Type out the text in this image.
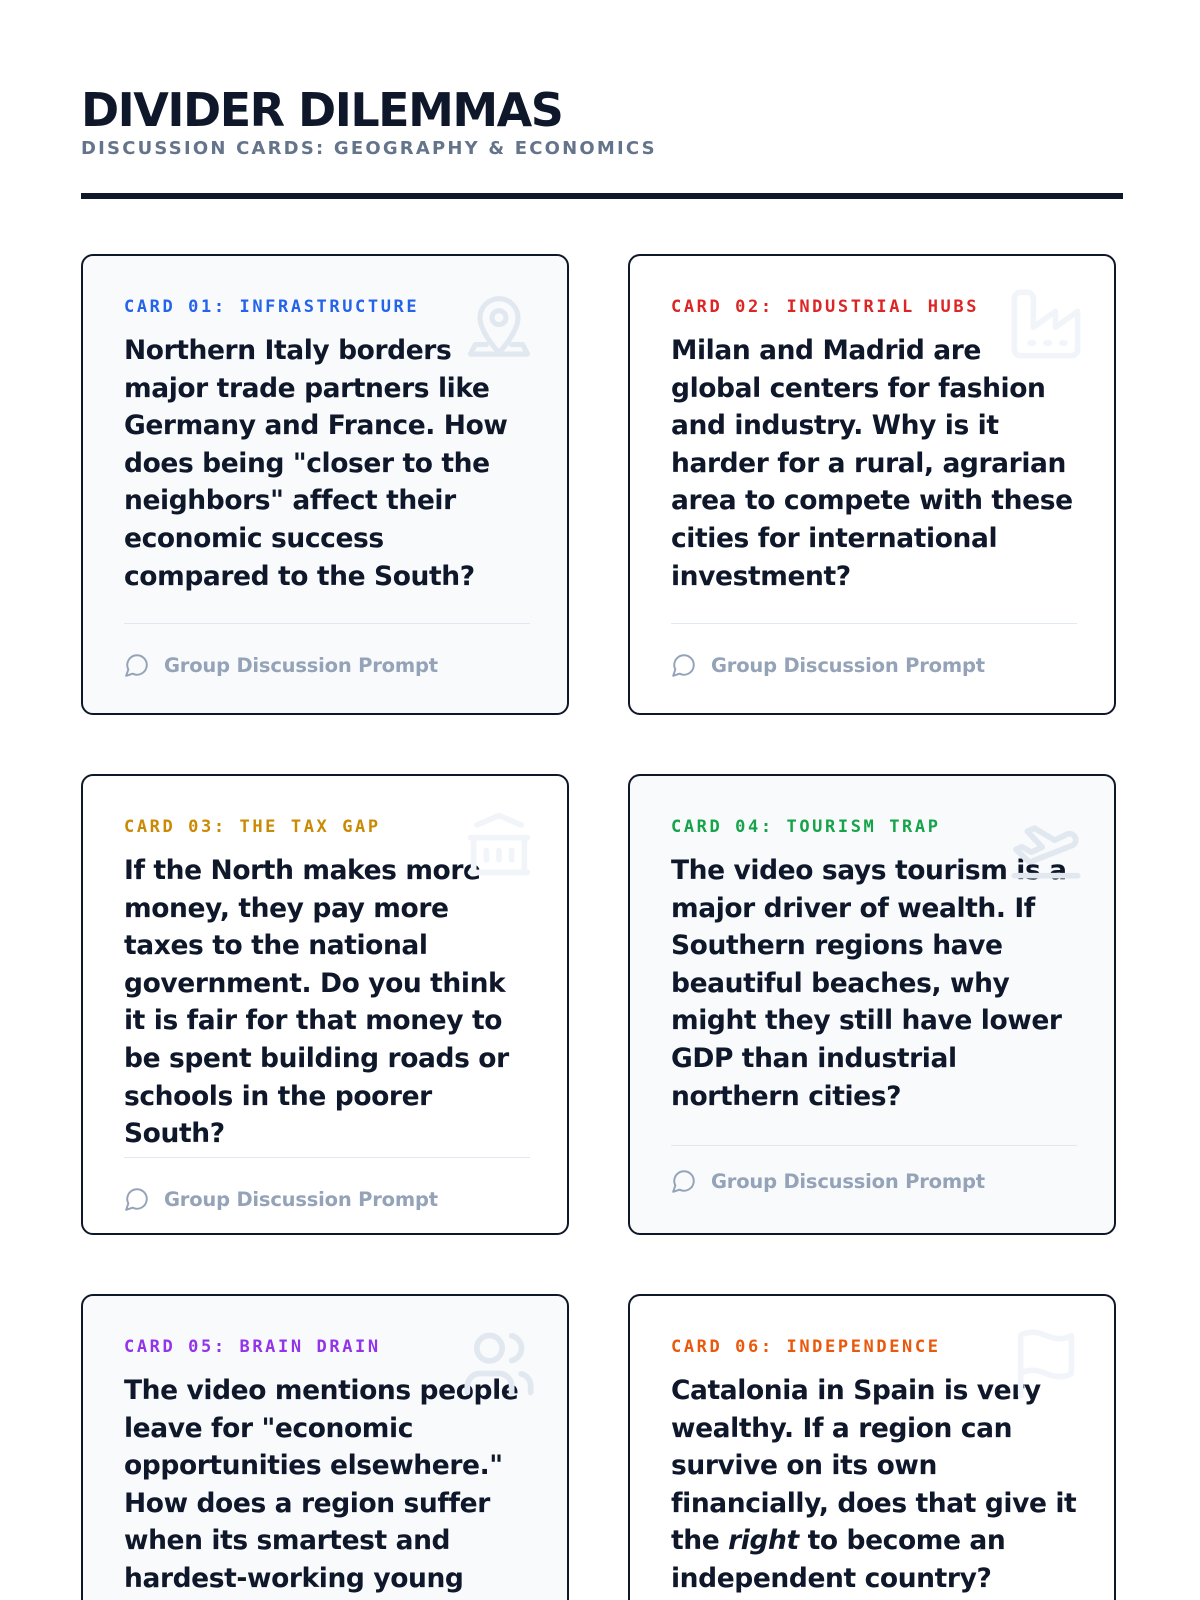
DIVIDER DILEMMAS
DISCUSSION CARDS: GEOGRAPHY & ECONOMICS
CARD 01: INFRASTRUCTURE
Northern Italy borders major trade partners like Germany and France. How does being "closer to the neighbors" affect their economic success compared to the South?
Group Discussion Prompt
CARD 02: INDUSTRIAL HUBS
Milan and Madrid are global centers for fashion and industry. Why is it harder for a rural, agrarian area to compete with these cities for international investment?
Group Discussion Prompt
CARD 03: THE TAX GAP
If the North makes more money, they pay more taxes to the national government. Do you think it is fair for that money to be spent building roads or schools in the poorer South?
Group Discussion Prompt
CARD 04: TOURISM TRAP
The video says tourism is a major driver of wealth. If Southern regions have beautiful beaches, why might they still have lower GDP than industrial northern cities?
Group Discussion Prompt
CARD 05: BRAIN DRAIN
The video mentions people leave for "economic opportunities elsewhere." How does a region suffer when its smartest and hardest-working young
CARD 06: INDEPENDENCE
Catalonia in Spain is very wealthy. If a region can survive on its own financially, does that give it the right to become an independent country?
